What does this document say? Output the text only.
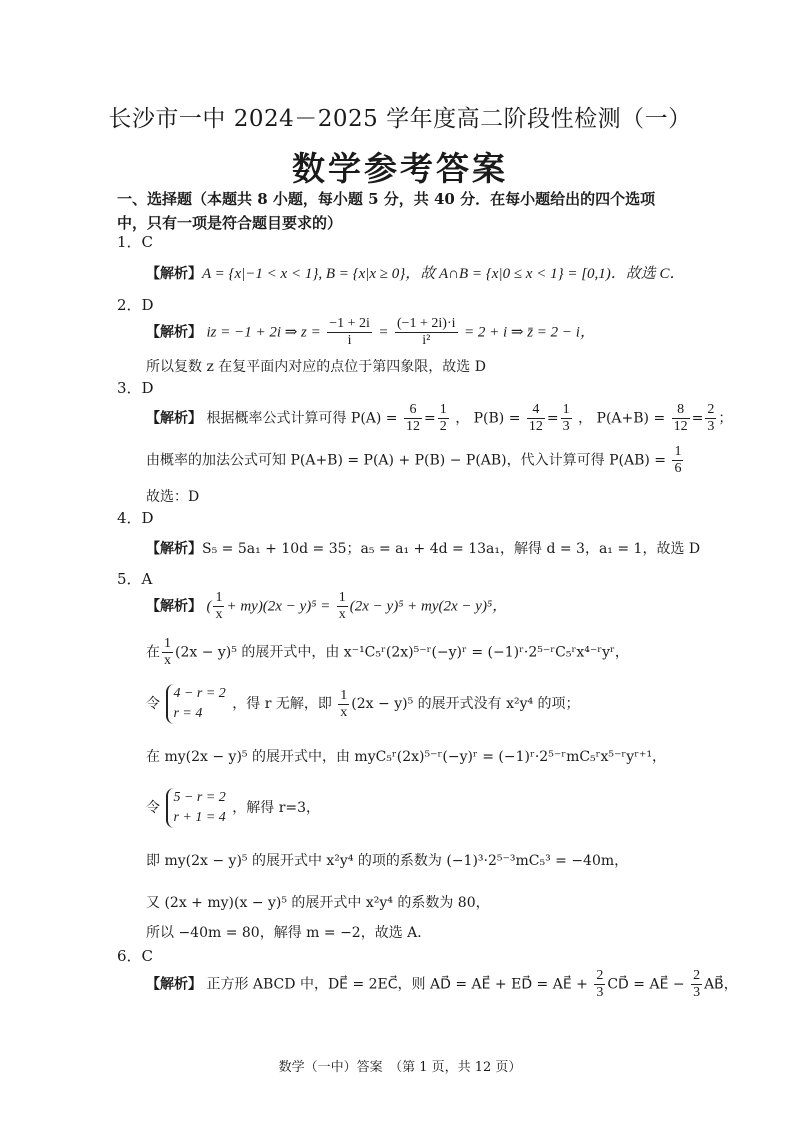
长沙市一中 2024－2025 学年度高二阶段性检测（一）
数学参考答案
一、选择题（本题共 8 小题，每小题 5 分，共 40 分．在每小题给出的四个选项中，只有一项是符合题目要求的）
1．C
【解析】A = {x|−1 < x < 1}, B = {x|x ≥ 0}，故 A∩B = {x|0 ≤ x < 1} = [0,1)．故选 C．
2．D
【解析】 iz = −1 + 2i ⇒ $z = \frac{-1 + 2i}{i} = \frac{(-1 + 2i)\cdot i}{\text{i²}} = 2 + i$ ⇒ z̄ = 2 − i，
所以复数 z 在复平面内对应的点位于第四象限，故选 D
3．D
【解析】 根据概率公式计算可得 $P(A) = \frac{6}{12} = \frac{1}{2}$ ， $P(B) = \frac{4}{12} = \frac{1}{3}$ ， $P(A+B) = \frac{8}{12} = \frac{2}{3}$ ；
由概率的加法公式可知 P(A+B) = P(A) + P(B) − P(AB)，代入计算可得 $P(AB) = \frac{1}{6}$
故选：D
4．D
【解析】S₅ = 5a₁ + 10d = 35；a₅ = a₁ + 4d = 13a₁，解得 d = 3，a₁ = 1，故选 D
5．A
【解析】 ( $\frac{1}{x} + my)(2x - y)^5 = \frac{1}{x} (2x - y)^5 + my(2x - y)^5$，
在 $\frac{1}{x} (2x - y)^5$ 的展开式中，由 x⁻¹C₅ʳ(2x)⁵⁻ʳ(−y)ʳ = (−1)ʳ·2⁵⁻ʳC₅ʳx⁴⁻ʳyʳ，
令
4 − r = 2
r = 4
，得 r 无解，即 $\frac{1}{x} (2x - y)^5$ 的展开式没有 x²y⁴ 的项；
在 my(2x − y)⁵ 的展开式中，由 myC₅ʳ(2x)⁵⁻ʳ(−y)ʳ = (−1)ʳ·2⁵⁻ʳmC₅ʳx⁵⁻ʳyʳ⁺¹，
令
5 − r = 2
r + 1 = 4
，解得 r=3，
即 my(2x − y)⁵ 的展开式中 x²y⁴ 的项的系数为 (−1)³·2⁵⁻³mC₅³ = −40m，
又 (2x + my)(x − y)⁵ 的展开式中 x²y⁴ 的系数为 80，
所以 −40m = 80，解得 m = −2，故选 A．
6．C
【解析】 正方形 ABCD 中，DE⃗ = 2EC⃗，则 AD⃗ = AE⃗ + ED⃗ = AE⃗ + $\frac{2}{3}$ CD⃗ = AE⃗ − $\frac{2}{3}$ AB⃗，
数学（一中）答案　（第 1 页，共 12 页）
